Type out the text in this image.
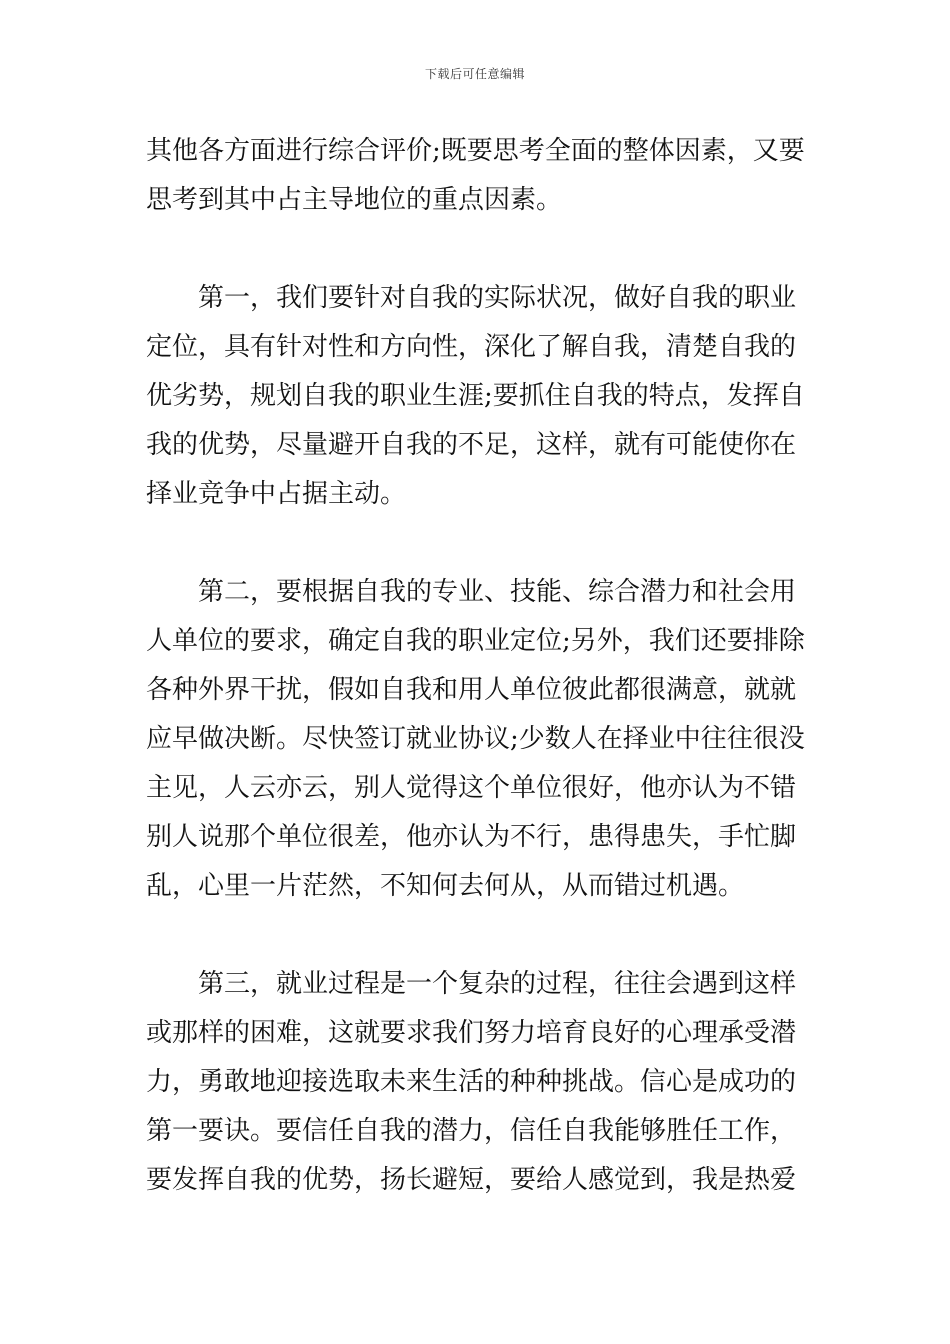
下载后可任意编辑
其他各方面进行综合评价;既要思考全面的整体因素，又要
思考到其中占主导地位的重点因素。
第一，我们要针对自我的实际状况，做好自我的职业
定位，具有针对性和方向性，深化了解自我，清楚自我的
优劣势，规划自我的职业生涯;要抓住自我的特点，发挥自
我的优势，尽量避开自我的不足，这样，就有可能使你在
择业竞争中占据主动。
第二，要根据自我的专业、技能、综合潜力和社会用
人单位的要求，确定自我的职业定位;另外，我们还要排除
各种外界干扰，假如自我和用人单位彼此都很满意，就就
应早做决断。尽快签订就业协议;少数人在择业中往往很没
主见，人云亦云，别人觉得这个单位很好，他亦认为不错
别人说那个单位很差，他亦认为不行，患得患失，手忙脚
乱，心里一片茫然，不知何去何从，从而错过机遇。
第三，就业过程是一个复杂的过程，往往会遇到这样
或那样的困难，这就要求我们努力培育良好的心理承受潜
力，勇敢地迎接选取未来生活的种种挑战。信心是成功的
第一要诀。要信任自我的潜力，信任自我能够胜任工作，
要发挥自我的优势，扬长避短，要给人感觉到，我是热爱
